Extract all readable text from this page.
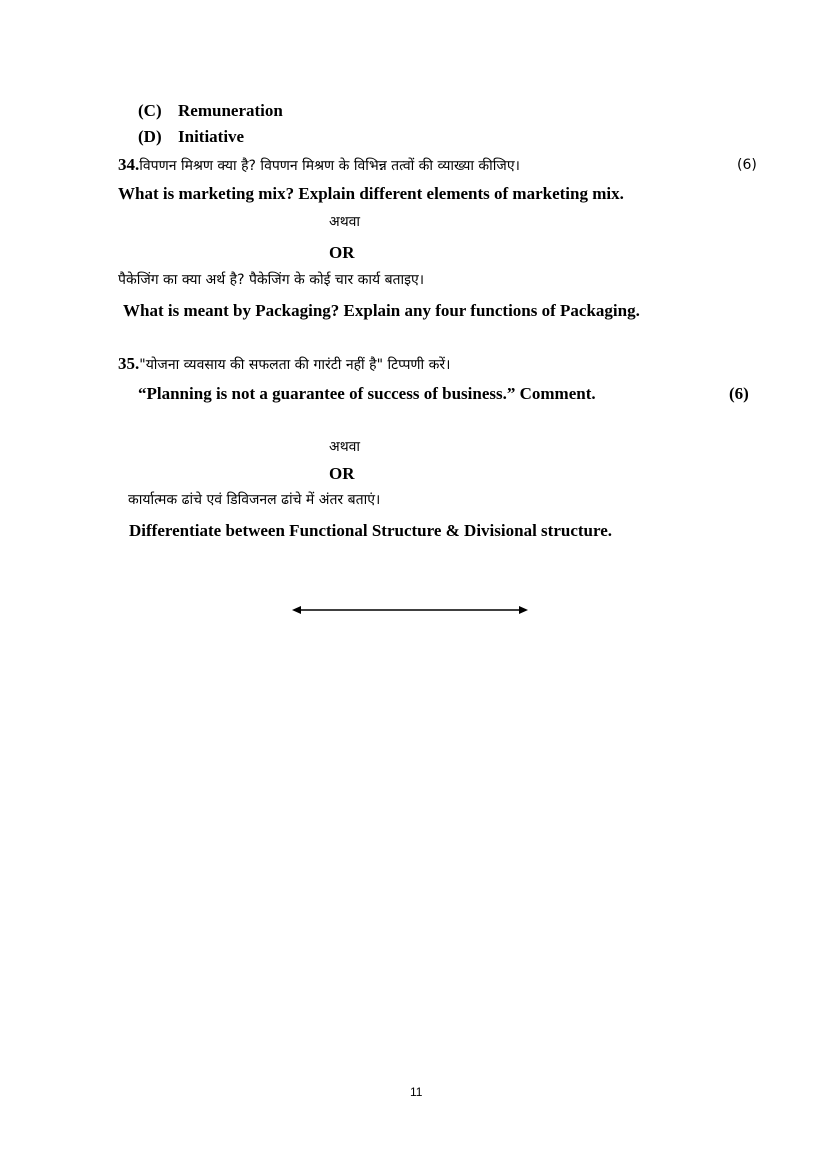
(C) Remuneration
(D) Initiative
34.विपणन मिश्रण क्या है? विपणन मिश्रण के विभिन्न तत्वों की व्याख्या कीजिए।	(6)
What is marketing mix? Explain different elements of marketing mix.
अथवा
OR
पैकेजिंग का क्या अर्थ है? पैकेजिंग के कोई चार कार्य बताइए।
What is meant by Packaging? Explain any four functions of Packaging.
35."योजना व्यवसाय की सफलता की गारंटी नहीं है" टिप्पणी करें।
“Planning is not a guarantee of success of business.” Comment.	(6)
अथवा
OR
कार्यात्मक ढांचे एवं डिविजनल ढांचे में अंतर बताएं।
Differentiate between Functional Structure & Divisional structure.
11
